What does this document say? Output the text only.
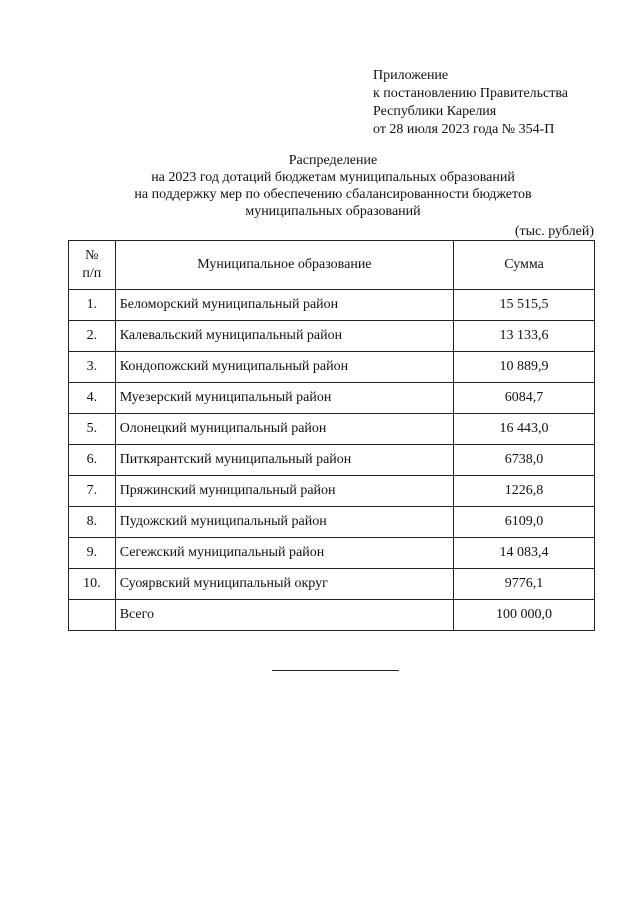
Приложение
к постановлению Правительства
Республики Карелия
от 28 июля 2023 года № 354-П
Распределение
на 2023 год дотаций бюджетам муниципальных образований
на поддержку мер по обеспечению сбалансированности бюджетов
муниципальных образований
(тыс. рублей)
№
п/п	Муниципальное образование	Сумма
1.	Беломорский муниципальный район	15 515,5
2.	Калевальский муниципальный район	13 133,6
3.	Кондопожский муниципальный район	10 889,9
4.	Муезерский муниципальный район	6084,7
5.	Олонецкий муниципальный район	16 443,0
6.	Питкярантский муниципальный район	6738,0
7.	Пряжинский муниципальный район	1226,8
8.	Пудожский муниципальный район	6109,0
9.	Сегежский муниципальный район	14 083,4
10.	Суоярвский муниципальный округ	9776,1
	Всего	100 000,0
